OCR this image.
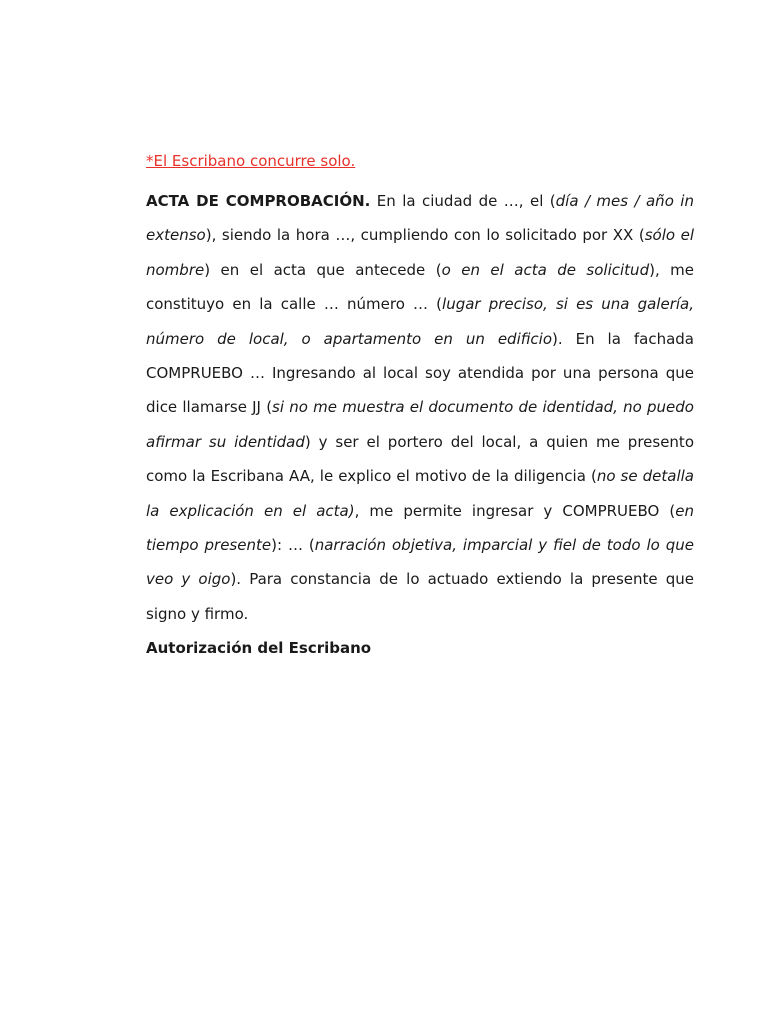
*El Escribano concurre solo.

ACTA DE COMPROBACIÓN. En la ciudad de …, el (día / mes / año in extenso), siendo la hora …, cumpliendo con lo solicitado por XX (sólo el nombre) en el acta que antecede (o en el acta de solicitud), me constituyo en la calle … número … (lugar preciso, si es una galería, número de local, o apartamento en un edificio). En la fachada COMPRUEBO … Ingresando al local soy atendida por una persona que dice llamarse JJ (si no me muestra el documento de identidad, no puedo afirmar su identidad) y ser el portero del local, a quien me presento como la Escribana AA, le explico el motivo de la diligencia (no se detalla la explicación en el acta), me permite ingresar y COMPRUEBO (en tiempo presente): … (narración objetiva, imparcial y fiel de todo lo que veo y oigo). Para constancia de lo actuado extiendo la presente que signo y firmo.

Autorización del Escribano
